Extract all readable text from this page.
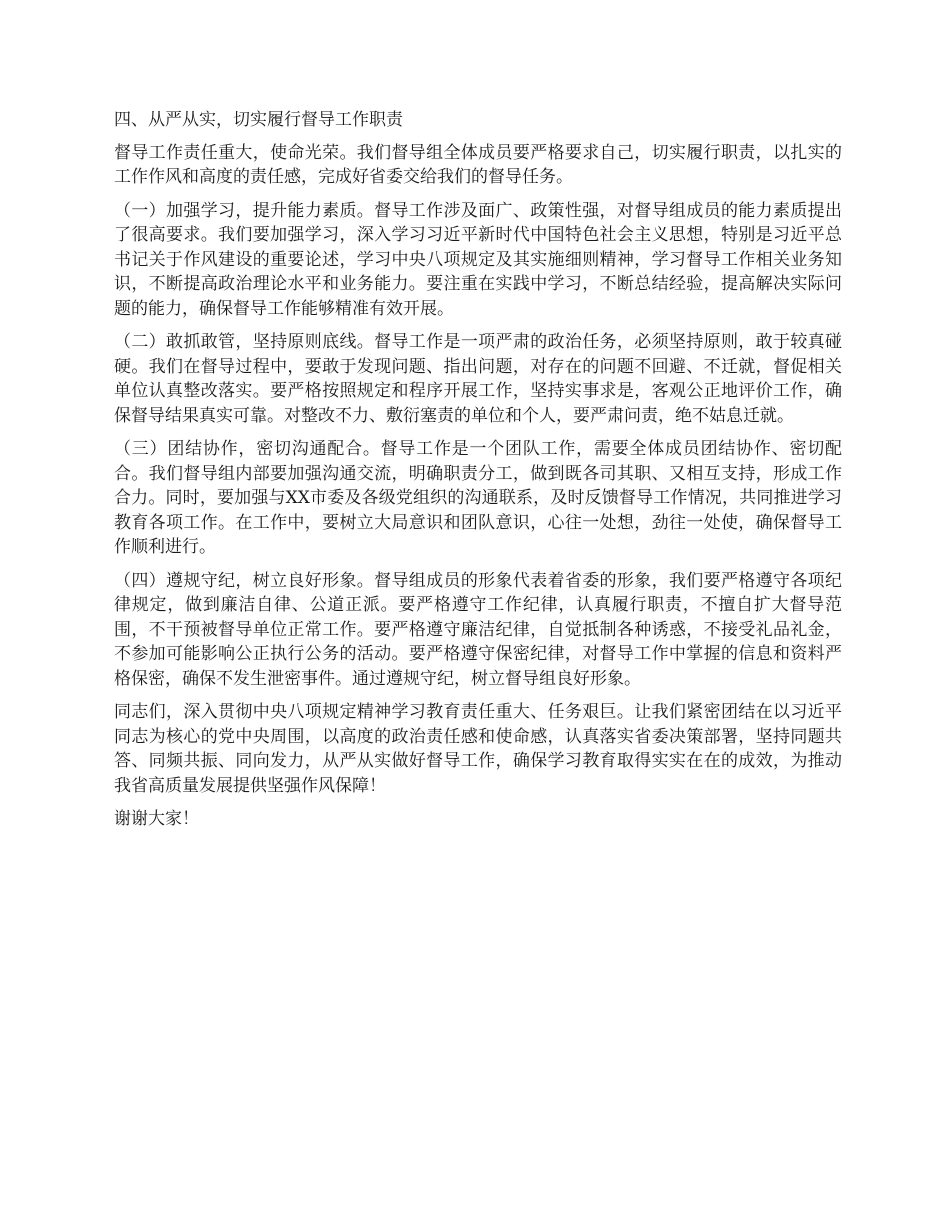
四、从严从实，切实履行督导工作职责

督导工作责任重大，使命光荣。我们督导组全体成员要严格要求自己，切实履行职责，以扎实的工作作风和高度的责任感，完成好省委交给我们的督导任务。

（一）加强学习，提升能力素质。督导工作涉及面广、政策性强，对督导组成员的能力素质提出了很高要求。我们要加强学习，深入学习习近平新时代中国特色社会主义思想，特别是习近平总书记关于作风建设的重要论述，学习中央八项规定及其实施细则精神，学习督导工作相关业务知识，不断提高政治理论水平和业务能力。要注重在实践中学习，不断总结经验，提高解决实际问题的能力，确保督导工作能够精准有效开展。

（二）敢抓敢管，坚持原则底线。督导工作是一项严肃的政治任务，必须坚持原则，敢于较真碰硬。我们在督导过程中，要敢于发现问题、指出问题，对存在的问题不回避、不迁就，督促相关单位认真整改落实。要严格按照规定和程序开展工作，坚持实事求是，客观公正地评价工作，确保督导结果真实可靠。对整改不力、敷衍塞责的单位和个人，要严肃问责，绝不姑息迁就。

（三）团结协作，密切沟通配合。督导工作是一个团队工作，需要全体成员团结协作、密切配合。我们督导组内部要加强沟通交流，明确职责分工，做到既各司其职、又相互支持，形成工作合力。同时，要加强与XX市委及各级党组织的沟通联系，及时反馈督导工作情况，共同推进学习教育各项工作。在工作中，要树立大局意识和团队意识，心往一处想，劲往一处使，确保督导工作顺利进行。

（四）遵规守纪，树立良好形象。督导组成员的形象代表着省委的形象，我们要严格遵守各项纪律规定，做到廉洁自律、公道正派。要严格遵守工作纪律，认真履行职责，不擅自扩大督导范围，不干预被督导单位正常工作。要严格遵守廉洁纪律，自觉抵制各种诱惑，不接受礼品礼金，不参加可能影响公正执行公务的活动。要严格遵守保密纪律，对督导工作中掌握的信息和资料严格保密，确保不发生泄密事件。通过遵规守纪，树立督导组良好形象。

同志们，深入贯彻中央八项规定精神学习教育责任重大、任务艰巨。让我们紧密团结在以习近平同志为核心的党中央周围，以高度的政治责任感和使命感，认真落实省委决策部署，坚持同题共答、同频共振、同向发力，从严从实做好督导工作，确保学习教育取得实实在在的成效，为推动我省高质量发展提供坚强作风保障！

谢谢大家！
